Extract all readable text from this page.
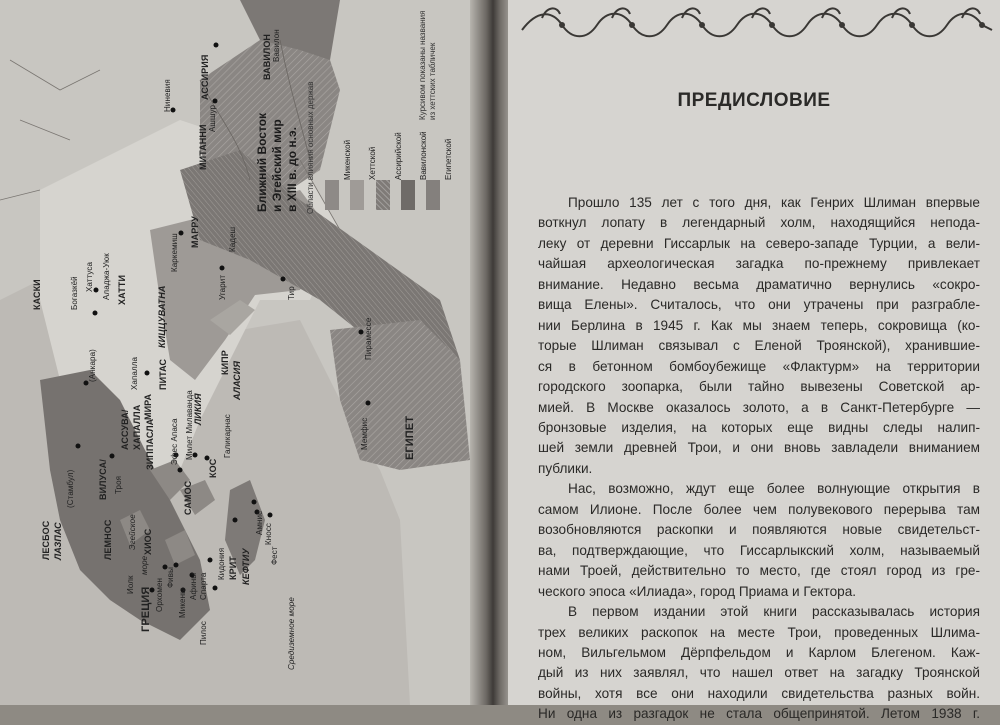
ВАВИЛОН Вавилон
АССИРИЯ
Ниневия
Ашшур
МИТАННИ
Каркемиш
МАРРУ	Кадеш
Угарит	Тир
Пирамессе
Мемфис	ЕГИПЕТ
КИПР АЛАСИЯ
КИЦЦУВАТНА
ХАТТИ
Хаттуса Аладжа-Уюк
Богазкёй
КАСКИ
(Анкара)
ЛИКИЯ
ПИТАС
МИРА
Хапалла
Галикарнас
Милет Милаванда
Эфес Апаса
САМОС
КОС
Троя
АССУВА/ ХАПАЛЛА
ВИЛУСА/
ЗИППАСЛА
(Стамбул)
ЛЕСБОС ЛАЗПАС	ЛЕМНОС	ХИОС
Эгейское
море
ГРЕЦИЯ
Иолк	Орхомен
Фивы
Микены
Афины
Пилос
Спарта
КРИТ КЕФТИУ
Кносс
Фест
Амнис
Кидония
Средиземное море
Ближний Восток и Эгейский мир в XIII в. до н.э. Области влияния основных держав
Курсивом показаны названия из хеттских табличек
Микенской Хеттской Ассирийской Вавилонской Египетской
ПРЕДИСЛОВИЕ
Прошло 135 лет с того дня, как Генрих Шлиман впервые
воткнул лопату в легендарный холм, находящийся непода-
леку от деревни Гиссарлык на северо-западе Турции, а вели-
чайшая археологическая загадка по-прежнему привлекает
внимание. Недавно весьма драматично вернулись «сокро-
вища Елены». Считалось, что они утрачены при разграбле-
нии Берлина в 1945 г. Как мы знаем теперь, сокровища (ко-
торые Шлиман связывал с Еленой Троянской), хранившие-
ся в бетонном бомбоубежище «Флактурм» на территории
городского зоопарка, были тайно вывезены Советской ар-
мией. В Москве оказалось золото, а в Санкт-Петербурге —
бронзовые изделия, на которых еще видны следы налип-
шей земли древней Трои, и они вновь завладели вниманием
публики.
Нас, возможно, ждут еще более волнующие открытия в
самом Илионе. После более чем полувекового перерыва там
возобновляются раскопки и появляются новые свидетельст-
ва, подтверждающие, что Гиссарлыкский холм, называемый
нами Троей, действительно то место, где стоял город из гре-
ческого эпоса «Илиада», город Приама и Гектора.
В первом издании этой книги рассказывалась история
трех великих раскопок на месте Трои, проведенных Шлима-
ном, Вильгельмом Дёрпфельдом и Карлом Блегеном. Каж-
дый из них заявлял, что нашел ответ на загадку Троянской
войны, хотя все они находили свидетельства разных войн.
Ни одна из разгадок не стала общепринятой. Летом 1938 г.
